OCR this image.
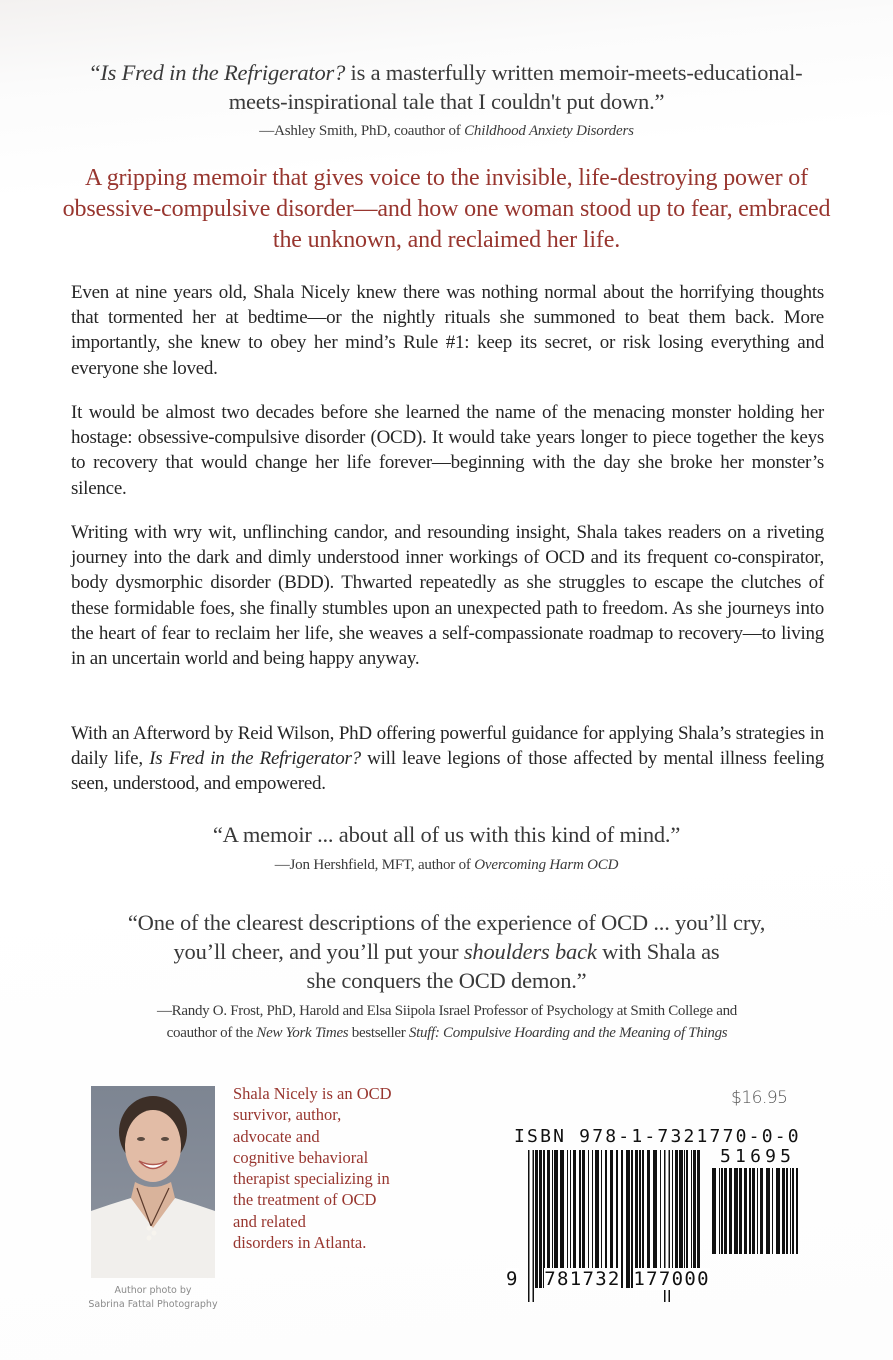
“Is Fred in the Refrigerator? is a masterfully written memoir-meets-educational-meets-inspirational tale that I couldn't put down.”
—Ashley Smith, PhD, coauthor of Childhood Anxiety Disorders
A gripping memoir that gives voice to the invisible, life-destroying power of obsessive-compulsive disorder—and how one woman stood up to fear, embraced the unknown, and reclaimed her life.

Even at nine years old, Shala Nicely knew there was nothing normal about the horrifying thoughts that tormented her at bedtime—or the nightly rituals she summoned to beat them back. More importantly, she knew to obey her mind’s Rule #1: keep its secret, or risk losing everything and everyone she loved.

It would be almost two decades before she learned the name of the menacing monster holding her hostage: obsessive-compulsive disorder (OCD). It would take years longer to piece together the keys to recovery that would change her life forever—beginning with the day she broke her monster’s silence.

Writing with wry wit, unflinching candor, and resounding insight, Shala takes readers on a riveting journey into the dark and dimly understood inner workings of OCD and its frequent co-conspirator, body dysmorphic disorder (BDD). Thwarted repeatedly as she struggles to escape the clutches of these formidable foes, she finally stumbles upon an unexpected path to freedom. As she journeys into the heart of fear to reclaim her life, she weaves a self-compassionate roadmap to recovery—to living in an uncertain world and being happy anyway.

With an Afterword by Reid Wilson, PhD offering powerful guidance for applying Shala’s strategies in daily life, Is Fred in the Refrigerator? will leave legions of those affected by mental illness feeling seen, understood, and empowered.

“A memoir ... about all of us with this kind of mind.”
—Jon Hershfield, MFT, author of Overcoming Harm OCD
“One of the clearest descriptions of the experience of OCD ... you’ll cry,
you’ll cheer, and you’ll put your shoulders back with Shala as
she conquers the OCD demon.”
—Randy O. Frost, PhD, Harold and Elsa Siipola Israel Professor of Psychology at Smith College and
coauthor of the New York Times bestseller Stuff: Compulsive Hoarding and the Meaning of Things
Author photo by
Sabrina Fattal Photography
Shala Nicely is an OCD
survivor, author,
advocate and
cognitive behavioral
therapist specializing in
the treatment of OCD
and related
disorders in Atlanta.
$16.95
ISBN 978-1-7321770-0-0
51695
9 781732 177000
